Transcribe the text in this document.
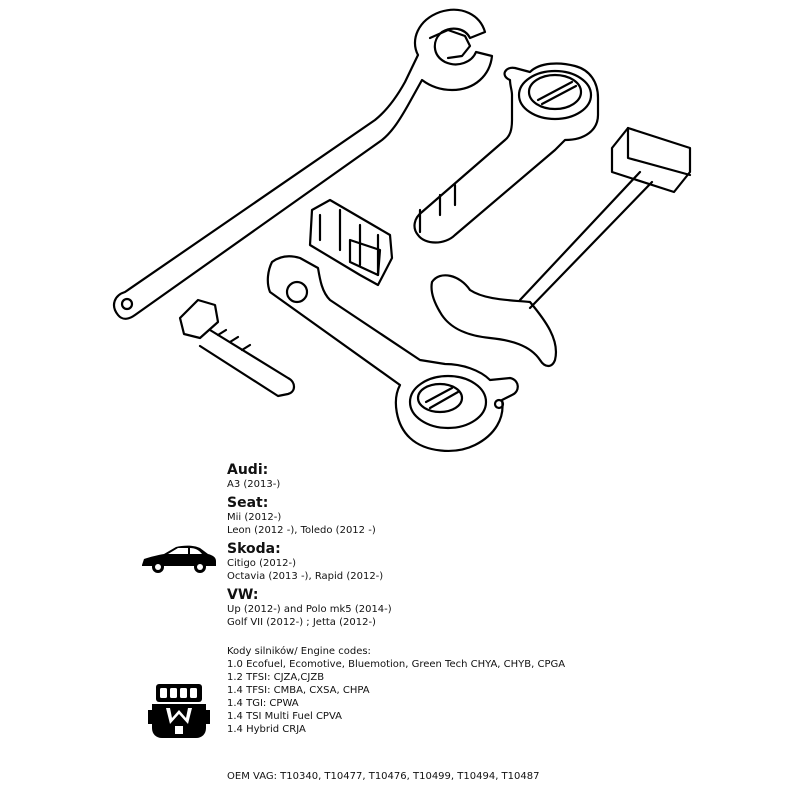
Audi:
A3 (2013-)
Seat:
Mii (2012-)
Leon (2012 -), Toledo (2012 -)
Skoda:
Citigo (2012-)
Octavia (2013 -), Rapid (2012-)
VW:
Up (2012-) and Polo mk5 (2014-)
Golf VII (2012-) ; Jetta (2012-)
Kody silników/ Engine codes:
1.0 Ecofuel, Ecomotive, Bluemotion, Green Tech CHYA, CHYB, CPGA
1.2 TFSI: CJZA,CJZB
1.4 TFSI: CMBA, CXSA, CHPA
1.4 TGI: CPWA
1.4 TSI Multi Fuel CPVA
1.4 Hybrid CRJA
OEM VAG: T10340, T10477, T10476, T10499, T10494, T10487
